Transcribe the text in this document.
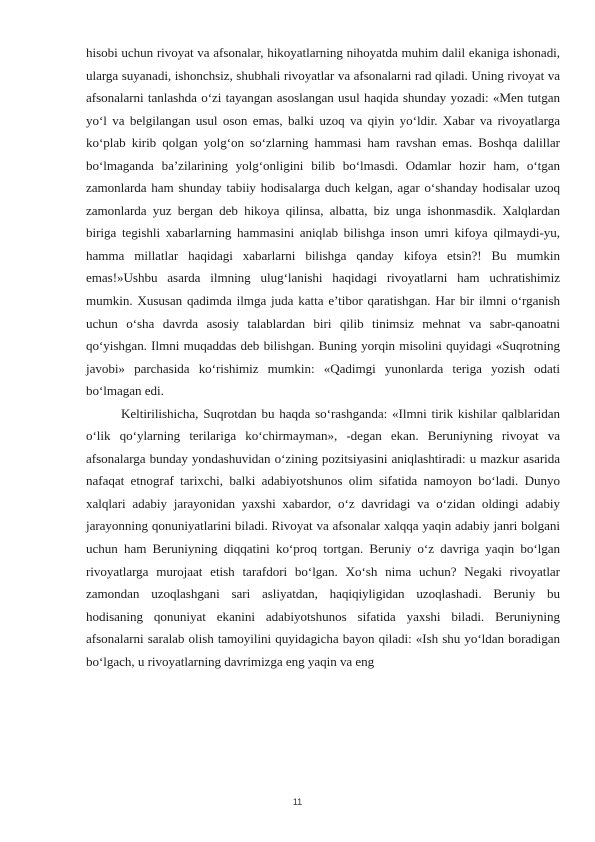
hisobi uchun rivoyat va afsonalar, hikoyatlarning nihoyatda muhim dalil ekaniga ishonadi, ularga suyanadi, ishonchsiz, shubhali rivoyatlar va afsonalarni rad qiladi. Uning rivoyat va afsonalarni tanlashda o‘zi tayangan asoslangan usul haqida shunday yozadi: «Men tutgan yo‘l va belgilangan usul oson emas, balki uzoq va qiyin yo‘ldir. Xabar va rivoyatlarga ko‘plab kirib qolgan yolg‘on so‘zlarning hammasi ham ravshan emas. Boshqa dalillar bo‘lmaganda ba’zilarining yolg‘onligini bilib bo‘lmasdi. Odamlar hozir ham, o‘tgan zamonlarda ham shunday tabiiy hodisalarga duch kelgan, agar o‘shanday hodisalar uzoq zamonlarda yuz bergan deb hikoya qilinsa, albatta, biz unga ishonmasdik. Xalqlardan biriga tegishli xabarlarning hammasini aniqlab bilishga inson umri kifoya qilmaydi-yu, hamma millatlar haqidagi xabarlarni bilishga qanday kifoya etsin?! Bu mumkin emas!»Ushbu asarda ilmning ulug‘lanishi haqidagi rivoyatlarni ham uchratishimiz mumkin. Xususan qadimda ilmga juda katta e’tibor qaratishgan. Har bir ilmni o‘rganish uchun o‘sha davrda asosiy talablardan biri qilib tinimsiz mehnat va sabr-qanoatni qo‘yishgan. Ilmni muqaddas deb bilishgan. Buning yorqin misolini quyidagi «Suqrotning javobi» parchasida ko‘rishimiz mumkin: «Qadimgi yunonlarda teriga yozish odati bo‘lmagan edi.

Keltirilishicha, Suqrotdan bu haqda so‘rashganda: «Ilmni tirik kishilar qalblaridan o‘lik qo‘ylarning terilariga ko‘chirmayman», -degan ekan. Beruniyning rivoyat va afsonalarga bunday yondashuvidan o‘zining pozitsiyasini aniqlashtiradi: u mazkur asarida nafaqat etnograf tarixchi, balki adabiyotshunos olim sifatida namoyon bo‘ladi. Dunyo xalqlari adabiy jarayonidan yaxshi xabardor, o‘z davridagi va o‘zidan oldingi adabiy jarayonning qonuniyatlarini biladi. Rivoyat va afsonalar xalqqa yaqin adabiy janri bolgani uchun ham Beruniyning diqqatini ko‘proq tortgan. Beruniy o‘z davriga yaqin bo‘lgan rivoyatlarga murojaat etish tarafdori bo‘lgan. Xo‘sh nima uchun? Negaki rivoyatlar zamondan uzoqlashgani sari asliyatdan, haqiqiyligidan uzoqlashadi. Beruniy bu hodisaning qonuniyat ekanini adabiyotshunos sifatida yaxshi biladi. Beruniyning afsonalarni saralab olish tamoyilini quyidagicha bayon qiladi: «Ish shu yo‘ldan boradigan bo‘lgach, u rivoyatlarning davrimizga eng yaqin va eng

11
